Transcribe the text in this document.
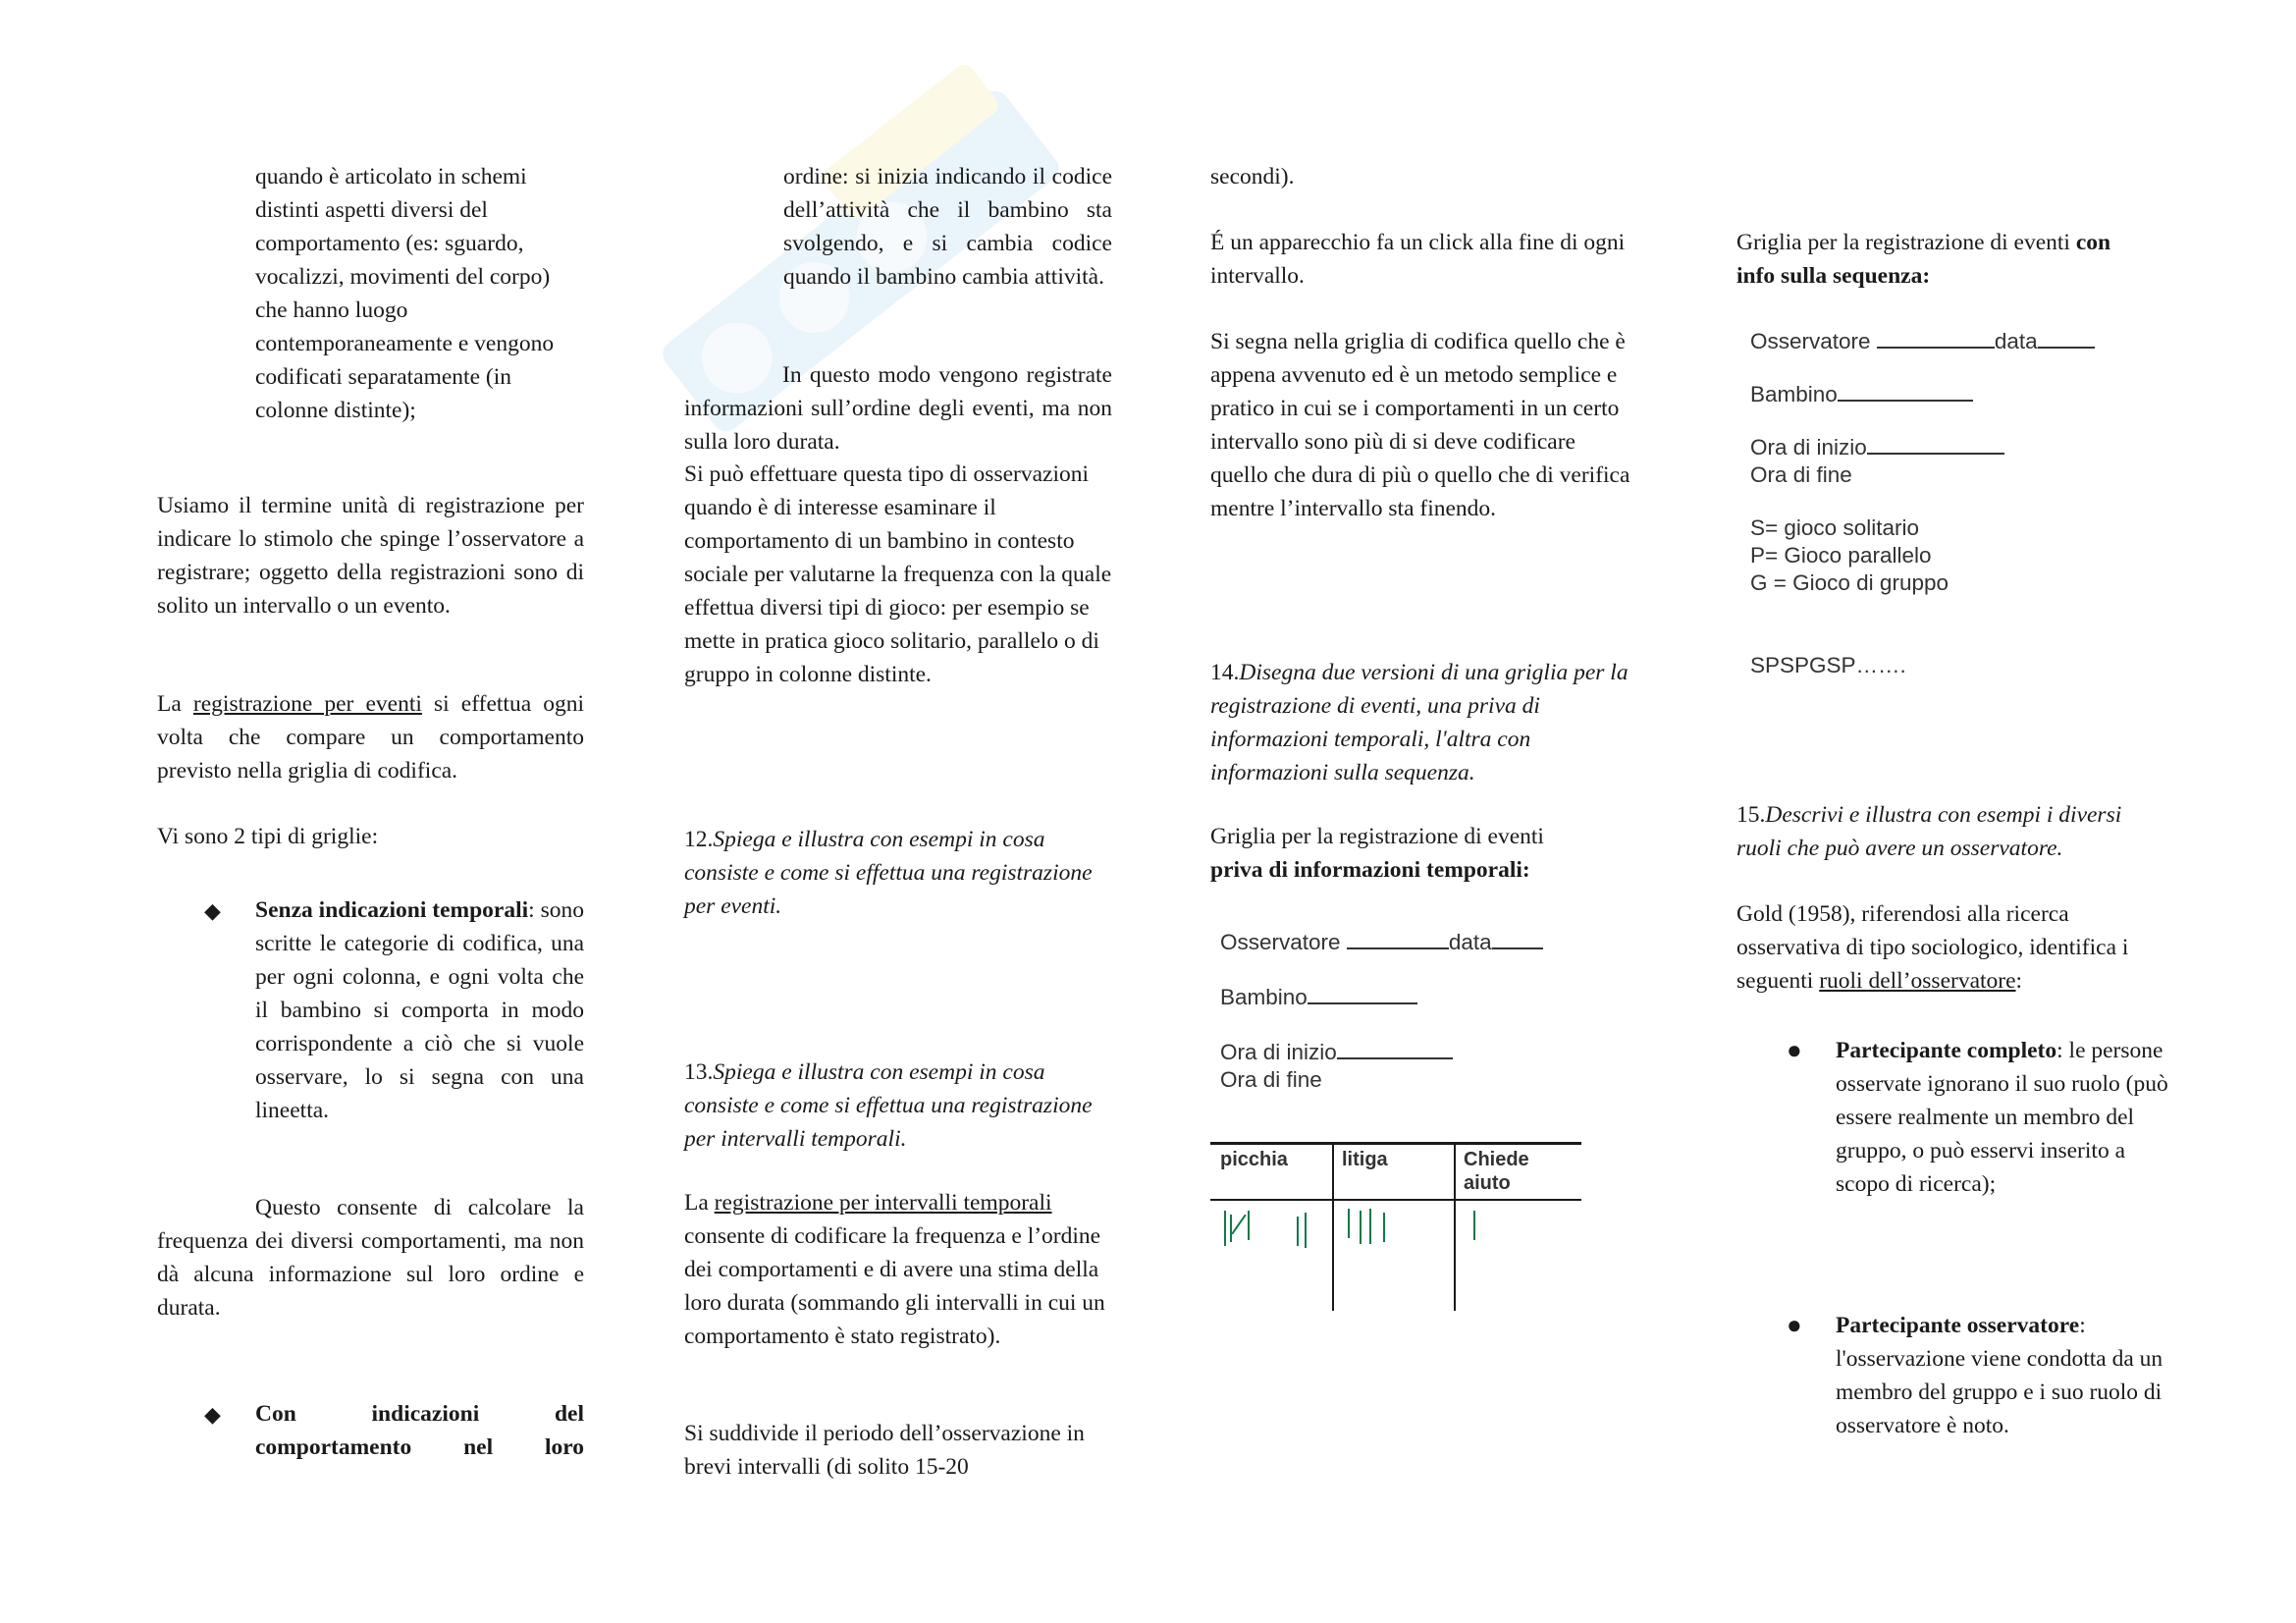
quando è articolato in schemi distinti aspetti diversi del comportamento (es: sguardo, vocalizzi, movimenti del corpo) che hanno luogo contemporaneamente e vengono codificati separatamente (in colonne distinte);

Usiamo il termine unità di registrazione per indicare lo stimolo che spinge l’osservatore a registrare; oggetto della registrazioni sono di solito un intervallo o un evento.

La registrazione per eventi si effettua ogni volta che compare un comportamento previsto nella griglia di codifica.

Vi sono 2 tipi di griglie:

◆ Senza indicazioni temporali: sono scritte le categorie di codifica, una per ogni colonna, e ogni volta che il bambino si comporta in modo corrispondente a ciò che si vuole osservare, lo si segna con una lineetta.

Questo consente di calcolare la frequenza dei diversi comportamenti, ma non dà alcuna informazione sul loro ordine e durata.

◆ Con indicazioni del comportamento nel loro

ordine: si inizia indicando il codice dell’attività che il bambino sta svolgendo, e si cambia codice quando il bambino cambia attività.

In questo modo vengono registrate informazioni sull’ordine degli eventi, ma non sulla loro durata.

Si può effettuare questa tipo di osservazioni quando è di interesse esaminare il comportamento di un bambino in contesto sociale per valutarne la frequenza con la quale effettua diversi tipi di gioco: per esempio se mette in pratica gioco solitario, parallelo o di gruppo in colonne distinte.

12.Spiega e illustra con esempi in cosa consiste e come si effettua una registrazione per eventi.

13.Spiega e illustra con esempi in cosa consiste e come si effettua una registrazione per intervalli temporali.

La registrazione per intervalli temporali consente di codificare la frequenza e l’ordine dei comportamenti e di avere una stima della loro durata (sommando gli intervalli in cui un comportamento è stato registrato).

Si suddivide il periodo dell’osservazione in brevi intervalli (di solito 15-20

secondi).

É un apparecchio fa un click alla fine di ogni intervallo.

Si segna nella griglia di codifica quello che è appena avvenuto ed è un metodo semplice e pratico in cui se i comportamenti in un certo intervallo sono più di si deve codificare quello che dura di più o quello che di verifica mentre l’intervallo sta finendo.

14.Disegna due versioni di una griglia per la registrazione di eventi, una priva di informazioni temporali, l'altra con informazioni sulla sequenza.

Griglia per la registrazione di eventi
priva di informazioni temporali:

Osservatore	data
Bambino
Ora di inizio
Ora di fine
picchia	litiga	Chiede aiuto

Griglia per la registrazione di eventi con
info sulla sequenza:

Osservatore	data
Bambino
Ora di inizio
Ora di fine
S= gioco solitario
P= Gioco parallelo
G = Gioco di gruppo
SPSPGSP…….

15.Descrivi e illustra con esempi i diversi ruoli che può avere un osservatore.

Gold (1958), riferendosi alla ricerca osservativa di tipo sociologico, identifica i seguenti ruoli dell’osservatore:

● Partecipante completo: le persone osservate ignorano il suo ruolo (può essere realmente un membro del gruppo, o può esservi inserito a scopo di ricerca);
● Partecipante osservatore: l'osservazione viene condotta da un membro del gruppo e i suo ruolo di osservatore è noto.
